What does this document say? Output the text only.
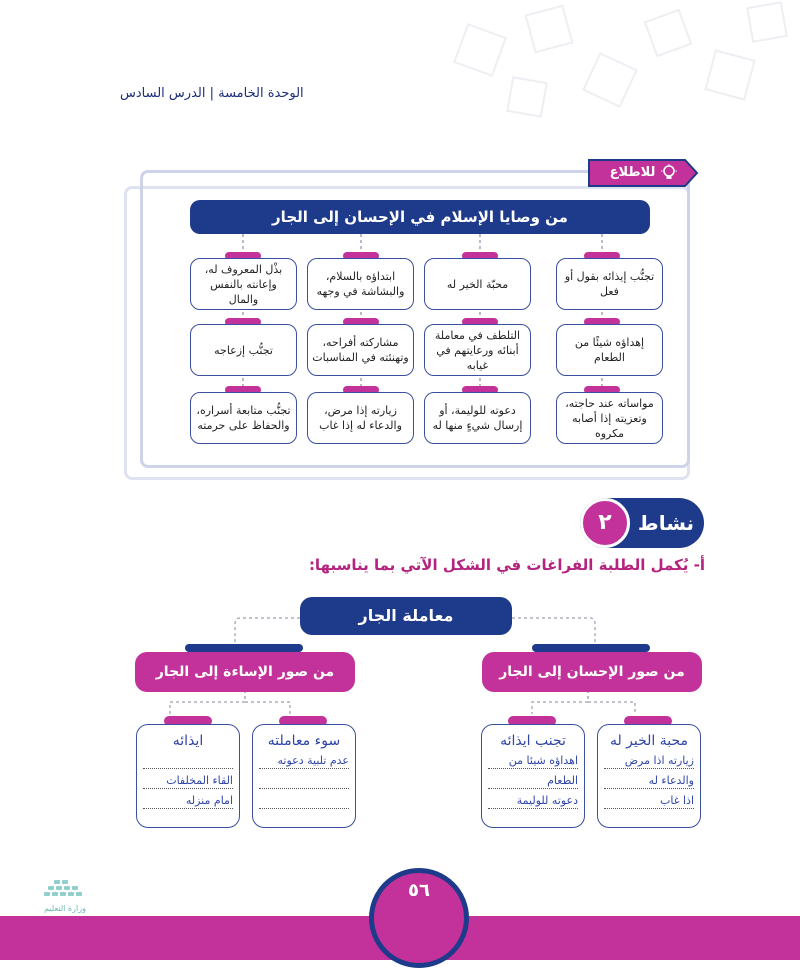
الوحدة الخامسة | الدرس السادس
للاطلاع
من وصايا الإسلام في الإحسان إلى الجار
تجنُّب إيذائه بقول أو فعل
إهداؤه شيئًا من الطعام
مواساته عند حاجته، وتعزيته إذا أصابه مكروه
محبّة الخير له
التلطف في معاملة أبنائه ورعايتهم في غيابه
دعوته للوليمة، أو إرسال شيءٍ منها له
ابتداؤه بالسلام، والبشاشة في وجهه
مشاركته أفراحه، وتهنئته في المناسبات
زيارته إذا مرض، والدعاء له إذا غاب
بذْل المعروف له، وإعانته بالنفس والمال
تجنُّب إزعاجه
تجنُّب متابعة أسراره، والحفاظ على حرمته
نشاط
٢
أ- يُكمل الطلبة الفراغات في الشكل الآتي بما يناسبها:
معاملة الجار
من صور الإحسان إلى الجار
من صور الإساءة إلى الجار
محبة الخير له
زيارته اذا مرض
والدعاء له
اذا غاب
تجنب ايذائه
اهداؤه شيئا من
الطعام
دعوته للوليمة
سوء معاملته
عدم تلبية دعوته
ايذائه
القاء المخلفات
امام منزله
٥٦
وزارة التعليم
